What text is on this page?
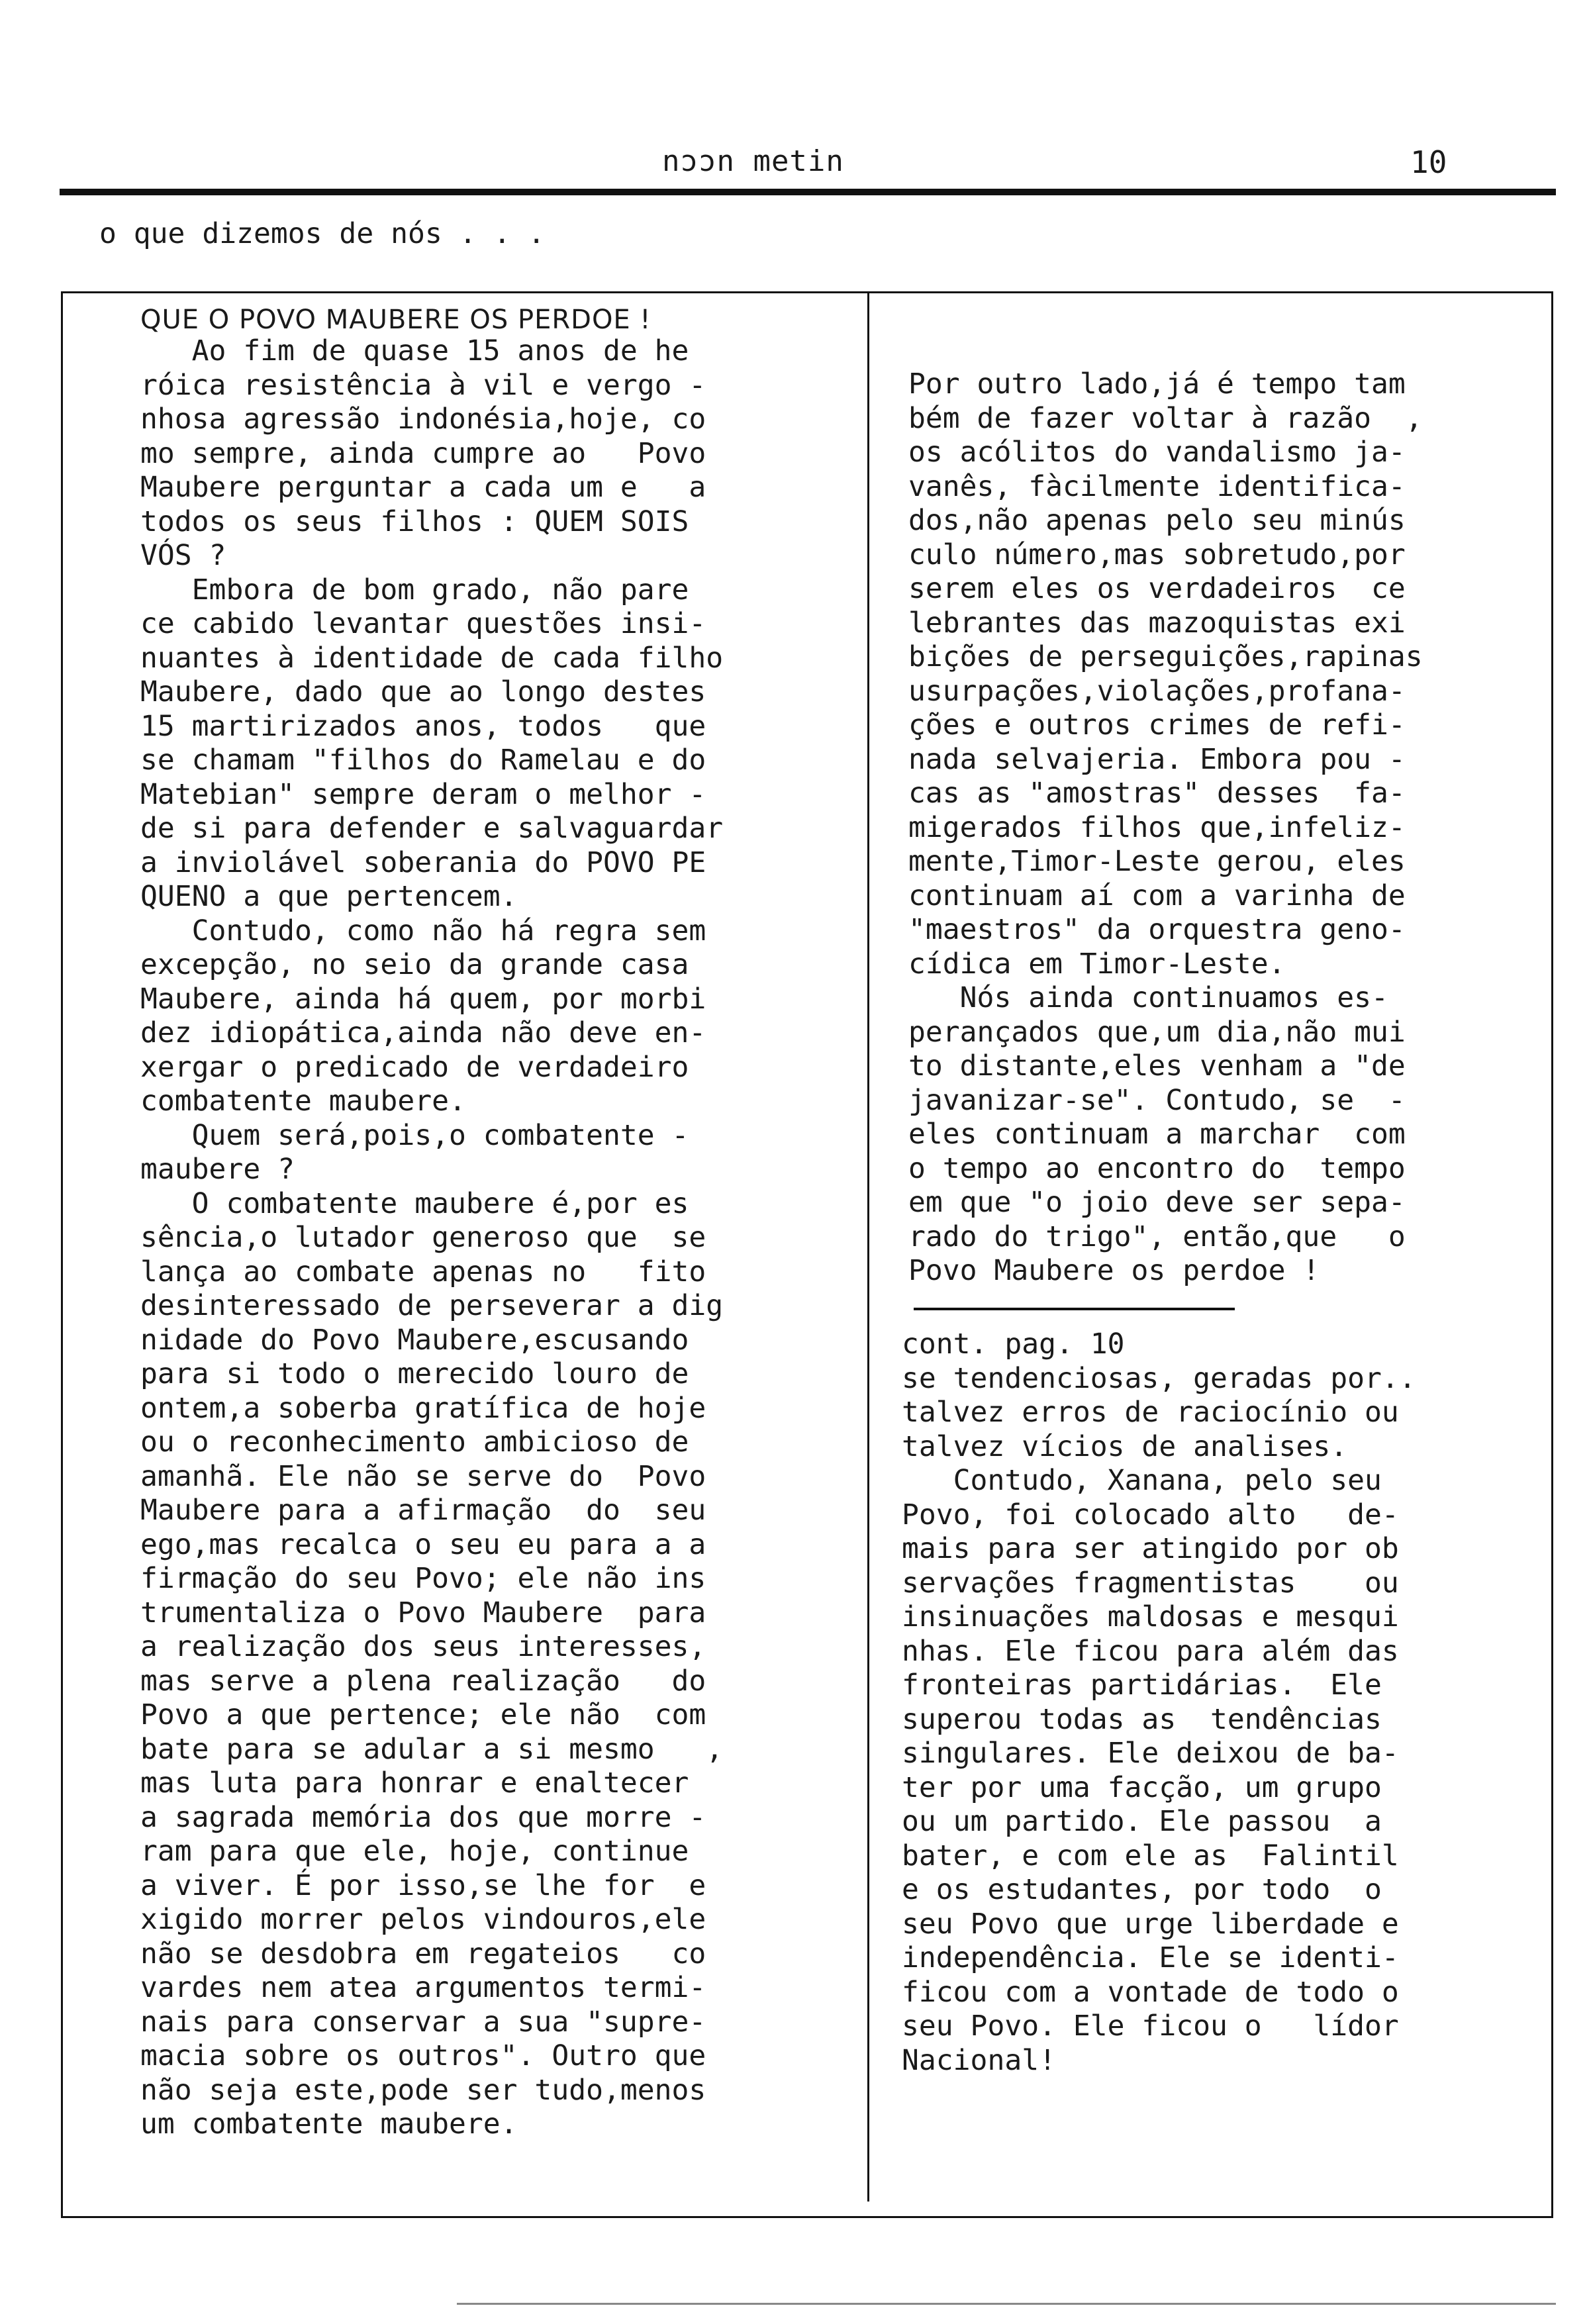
nɔɔn metin	10
o que dizemos de nós . . .
QUE O POVO MAUBERE OS PERDOE !
Ao fim de quase 15 anos de he
róica resistência à vil e vergo -
nhosa agressão indonésia,hoje, co
mo sempre, ainda cumpre ao   Povo
Maubere perguntar a cada um e   a
todos os seus filhos : QUEM SOIS
VÓS ?
Embora de bom grado, não pare
ce cabido levantar questões insi-
nuantes à identidade de cada filho
Maubere, dado que ao longo destes
15 martirizados anos, todos   que
se chamam "filhos do Ramelau e do
Matebian" sempre deram o melhor -
de si para defender e salvaguardar
a inviolável soberania do POVO PE
QUENO a que pertencem.
Contudo, como não há regra sem
excepção, no seio da grande casa
Maubere, ainda há quem, por morbi
dez idiopática,ainda não deve en-
xergar o predicado de verdadeiro
combatente maubere.
Quem será,pois,o combatente -
maubere ?
O combatente maubere é,por es
sência,o lutador generoso que  se
lança ao combate apenas no   fito
desinteressado de perseverar a dig
nidade do Povo Maubere,escusando
para si todo o merecido louro de
ontem,a soberba gratífica de hoje
ou o reconhecimento ambicioso de
amanhã. Ele não se serve do  Povo
Maubere para a afirmação  do  seu
ego,mas recalca o seu eu para a a
firmação do seu Povo; ele não ins
trumentaliza o Povo Maubere  para
a realização dos seus interesses,
mas serve a plena realização   do
Povo a que pertence; ele não  com
bate para se adular a si mesmo   ,
mas luta para honrar e enaltecer
a sagrada memória dos que morre -
ram para que ele, hoje, continue
a viver. É por isso,se lhe for  e
xigido morrer pelos vindouros,ele
não se desdobra em regateios   co
vardes nem atea argumentos termi-
nais para conservar a sua "supre-
macia sobre os outros". Outro que
não seja este,pode ser tudo,menos
um combatente maubere.
Por outro lado,já é tempo tam
bém de fazer voltar à razão  ,
os acólitos do vandalismo ja-
vanês, fàcilmente identifica-
dos,não apenas pelo seu minús
culo número,mas sobretudo,por
serem eles os verdadeiros  ce
lebrantes das mazoquistas exi
bições de perseguições,rapinas
usurpações,violações,profana-
ções e outros crimes de refi-
nada selvajeria. Embora pou -
cas as "amostras" desses  fa-
migerados filhos que,infeliz-
mente,Timor-Leste gerou, eles
continuam aí com a varinha de
"maestros" da orquestra geno-
cídica em Timor-Leste.
Nós ainda continuamos es-
perançados que,um dia,não mui
to distante,eles venham a "de
javanizar-se". Contudo, se  -
eles continuam a marchar  com
o tempo ao encontro do  tempo
em que "o joio deve ser sepa-
rado do trigo", então,que   o
Povo Maubere os perdoe !
cont. pag. 10
se tendenciosas, geradas por..
talvez erros de raciocínio ou
talvez vícios de analises.
Contudo, Xanana, pelo seu
Povo, foi colocado alto   de-
mais para ser atingido por ob
servações fragmentistas    ou
insinuações maldosas e mesqui
nhas. Ele ficou para além das
fronteiras partidárias.  Ele
superou todas as  tendências
singulares. Ele deixou de ba-
ter por uma facção, um grupo
ou um partido. Ele passou  a
bater, e com ele as  Falintil
e os estudantes, por todo  o
seu Povo que urge liberdade e
independência. Ele se identi-
ficou com a vontade de todo o
seu Povo. Ele ficou o   lídor
Nacional!
